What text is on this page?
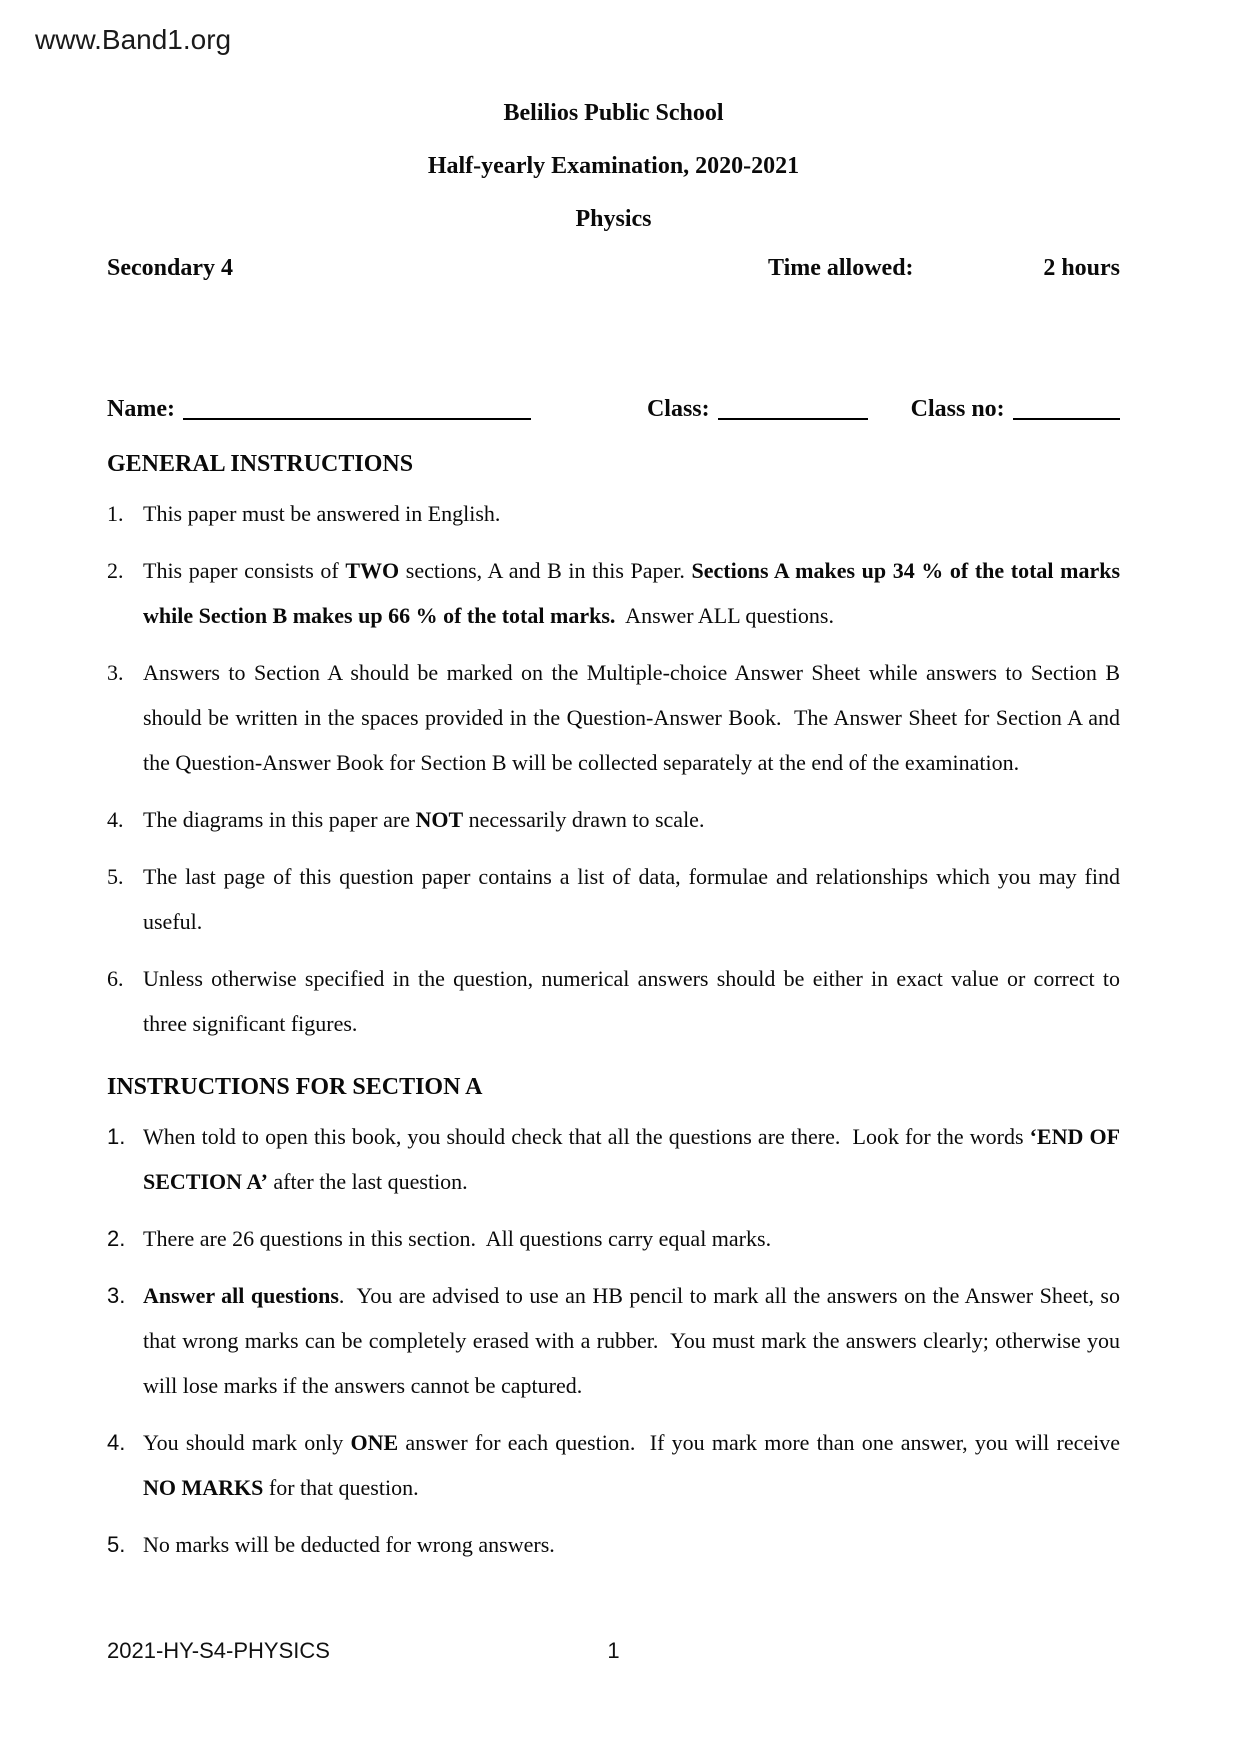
www.Band1.org
Belilios Public School
Half-yearly Examination, 2020-2021
Physics
Secondary 4	Time allowed:	2 hours
Name:	Class:	Class no:
GENERAL INSTRUCTIONS
1. This paper must be answered in English.
2. This paper consists of TWO sections, A and B in this Paper. Sections A makes up 34 % of the total marks while Section B makes up 66 % of the total marks.  Answer ALL questions.
3. Answers to Section A should be marked on the Multiple-choice Answer Sheet while answers to Section B should be written in the spaces provided in the Question-Answer Book.  The Answer Sheet for Section A and the Question-Answer Book for Section B will be collected separately at the end of the examination.
4. The diagrams in this paper are NOT necessarily drawn to scale.
5. The last page of this question paper contains a list of data, formulae and relationships which you may find useful.
6. Unless otherwise specified in the question, numerical answers should be either in exact value or correct to three significant figures.
INSTRUCTIONS FOR SECTION A
1. When told to open this book, you should check that all the questions are there.  Look for the words ‘END OF SECTION A’ after the last question.
2. There are 26 questions in this section.  All questions carry equal marks.
3. Answer all questions.  You are advised to use an HB pencil to mark all the answers on the Answer Sheet, so that wrong marks can be completely erased with a rubber.  You must mark the answers clearly; otherwise you will lose marks if the answers cannot be captured.
4. You should mark only ONE answer for each question.  If you mark more than one answer, you will receive NO MARKS for that question.
5. No marks will be deducted for wrong answers.
2021-HY-S4-PHYSICS	1
